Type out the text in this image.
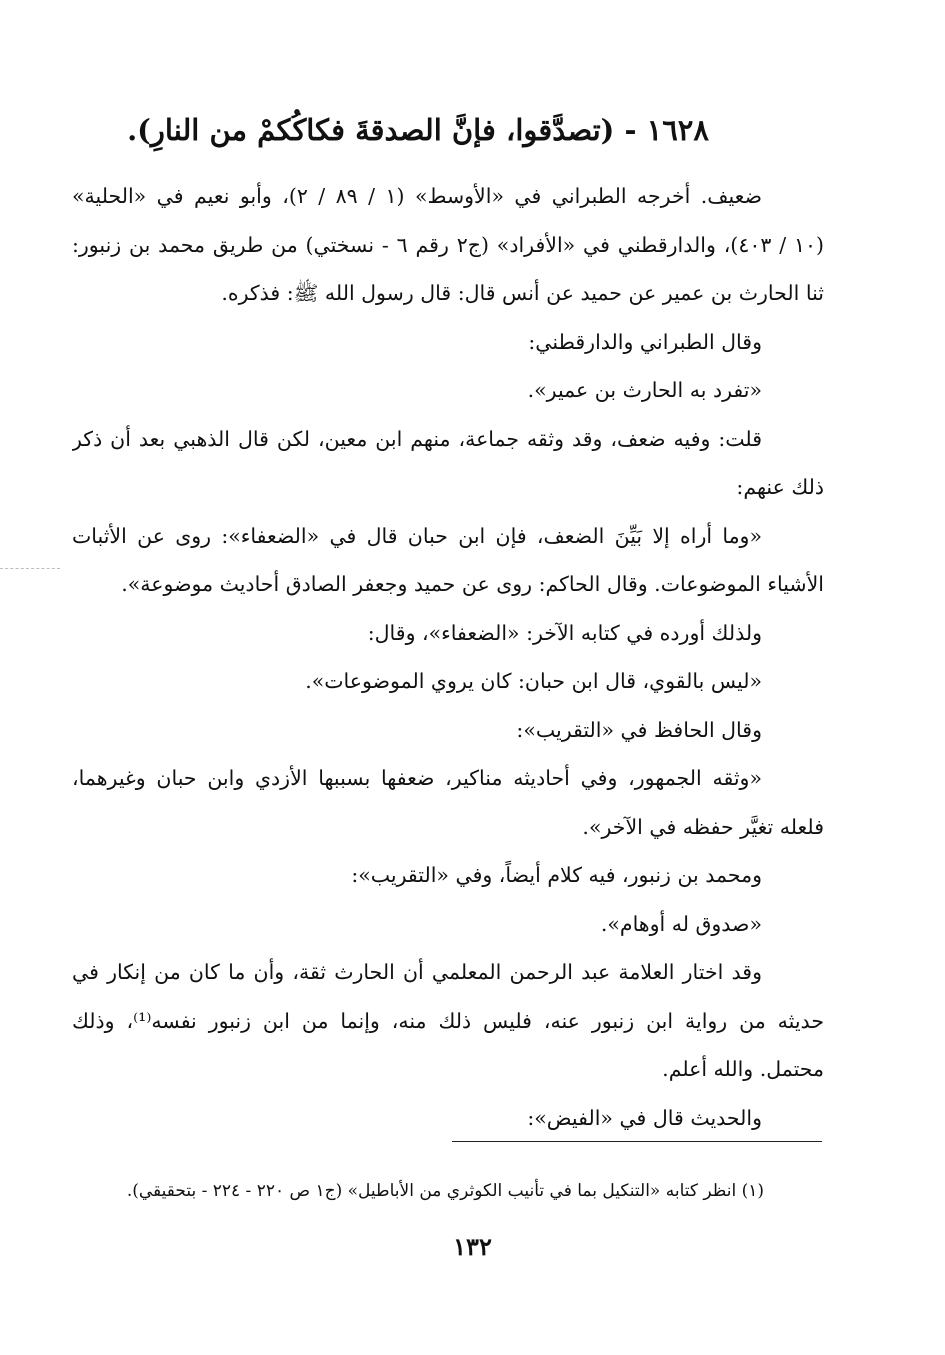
١٦٢٨ - (تصدَّقوا، فإنَّ الصدقةَ فكاكُكمْ من النارِ).
ضعيف. أخرجه الطبراني في «الأوسط» (١ / ٨٩ / ٢)، وأبو نعيم في «الحلية»
(١٠ / ٤٠٣)، والدارقطني في «الأفراد» (ج٢ رقم ٦ - نسختي) من طريق محمد بن زنبور:
ثنا الحارث بن عمير عن حميد عن أنس قال: قال رسول الله ﷺ: فذكره.
وقال الطبراني والدارقطني:
«تفرد به الحارث بن عمير».
قلت: وفيه ضعف، وقد وثقه جماعة، منهم ابن معين، لكن قال الذهبي بعد أن ذكر
ذلك عنهم:
«وما أراه إلا بَيِّنَ الضعف، فإن ابن حبان قال في «الضعفاء»: روى عن الأثبات
الأشياء الموضوعات. وقال الحاكم: روى عن حميد وجعفر الصادق أحاديث موضوعة».
ولذلك أورده في كتابه الآخر: «الضعفاء»، وقال:
«ليس بالقوي، قال ابن حبان: كان يروي الموضوعات».
وقال الحافظ في «التقريب»:
«وثقه الجمهور، وفي أحاديثه مناكير، ضعفها بسببها الأزدي وابن حبان وغيرهما،
فلعله تغيَّر حفظه في الآخر».
ومحمد بن زنبور، فيه كلام أيضاً، وفي «التقريب»:
«صدوق له أوهام».
وقد اختار العلامة عبد الرحمن المعلمي أن الحارث ثقة، وأن ما كان من إنكار في
حديثه من رواية ابن زنبور عنه، فليس ذلك منه، وإنما من ابن زنبور نفسه⁽¹⁾، وذلك
محتمل. والله أعلم.
والحديث قال في «الفيض»:
(١) انظر كتابه «التنكيل بما في تأنيب الكوثري من الأباطيل» (ج١ ص ٢٢٠ - ٢٢٤ - بتحقيقي).
١٣٢
